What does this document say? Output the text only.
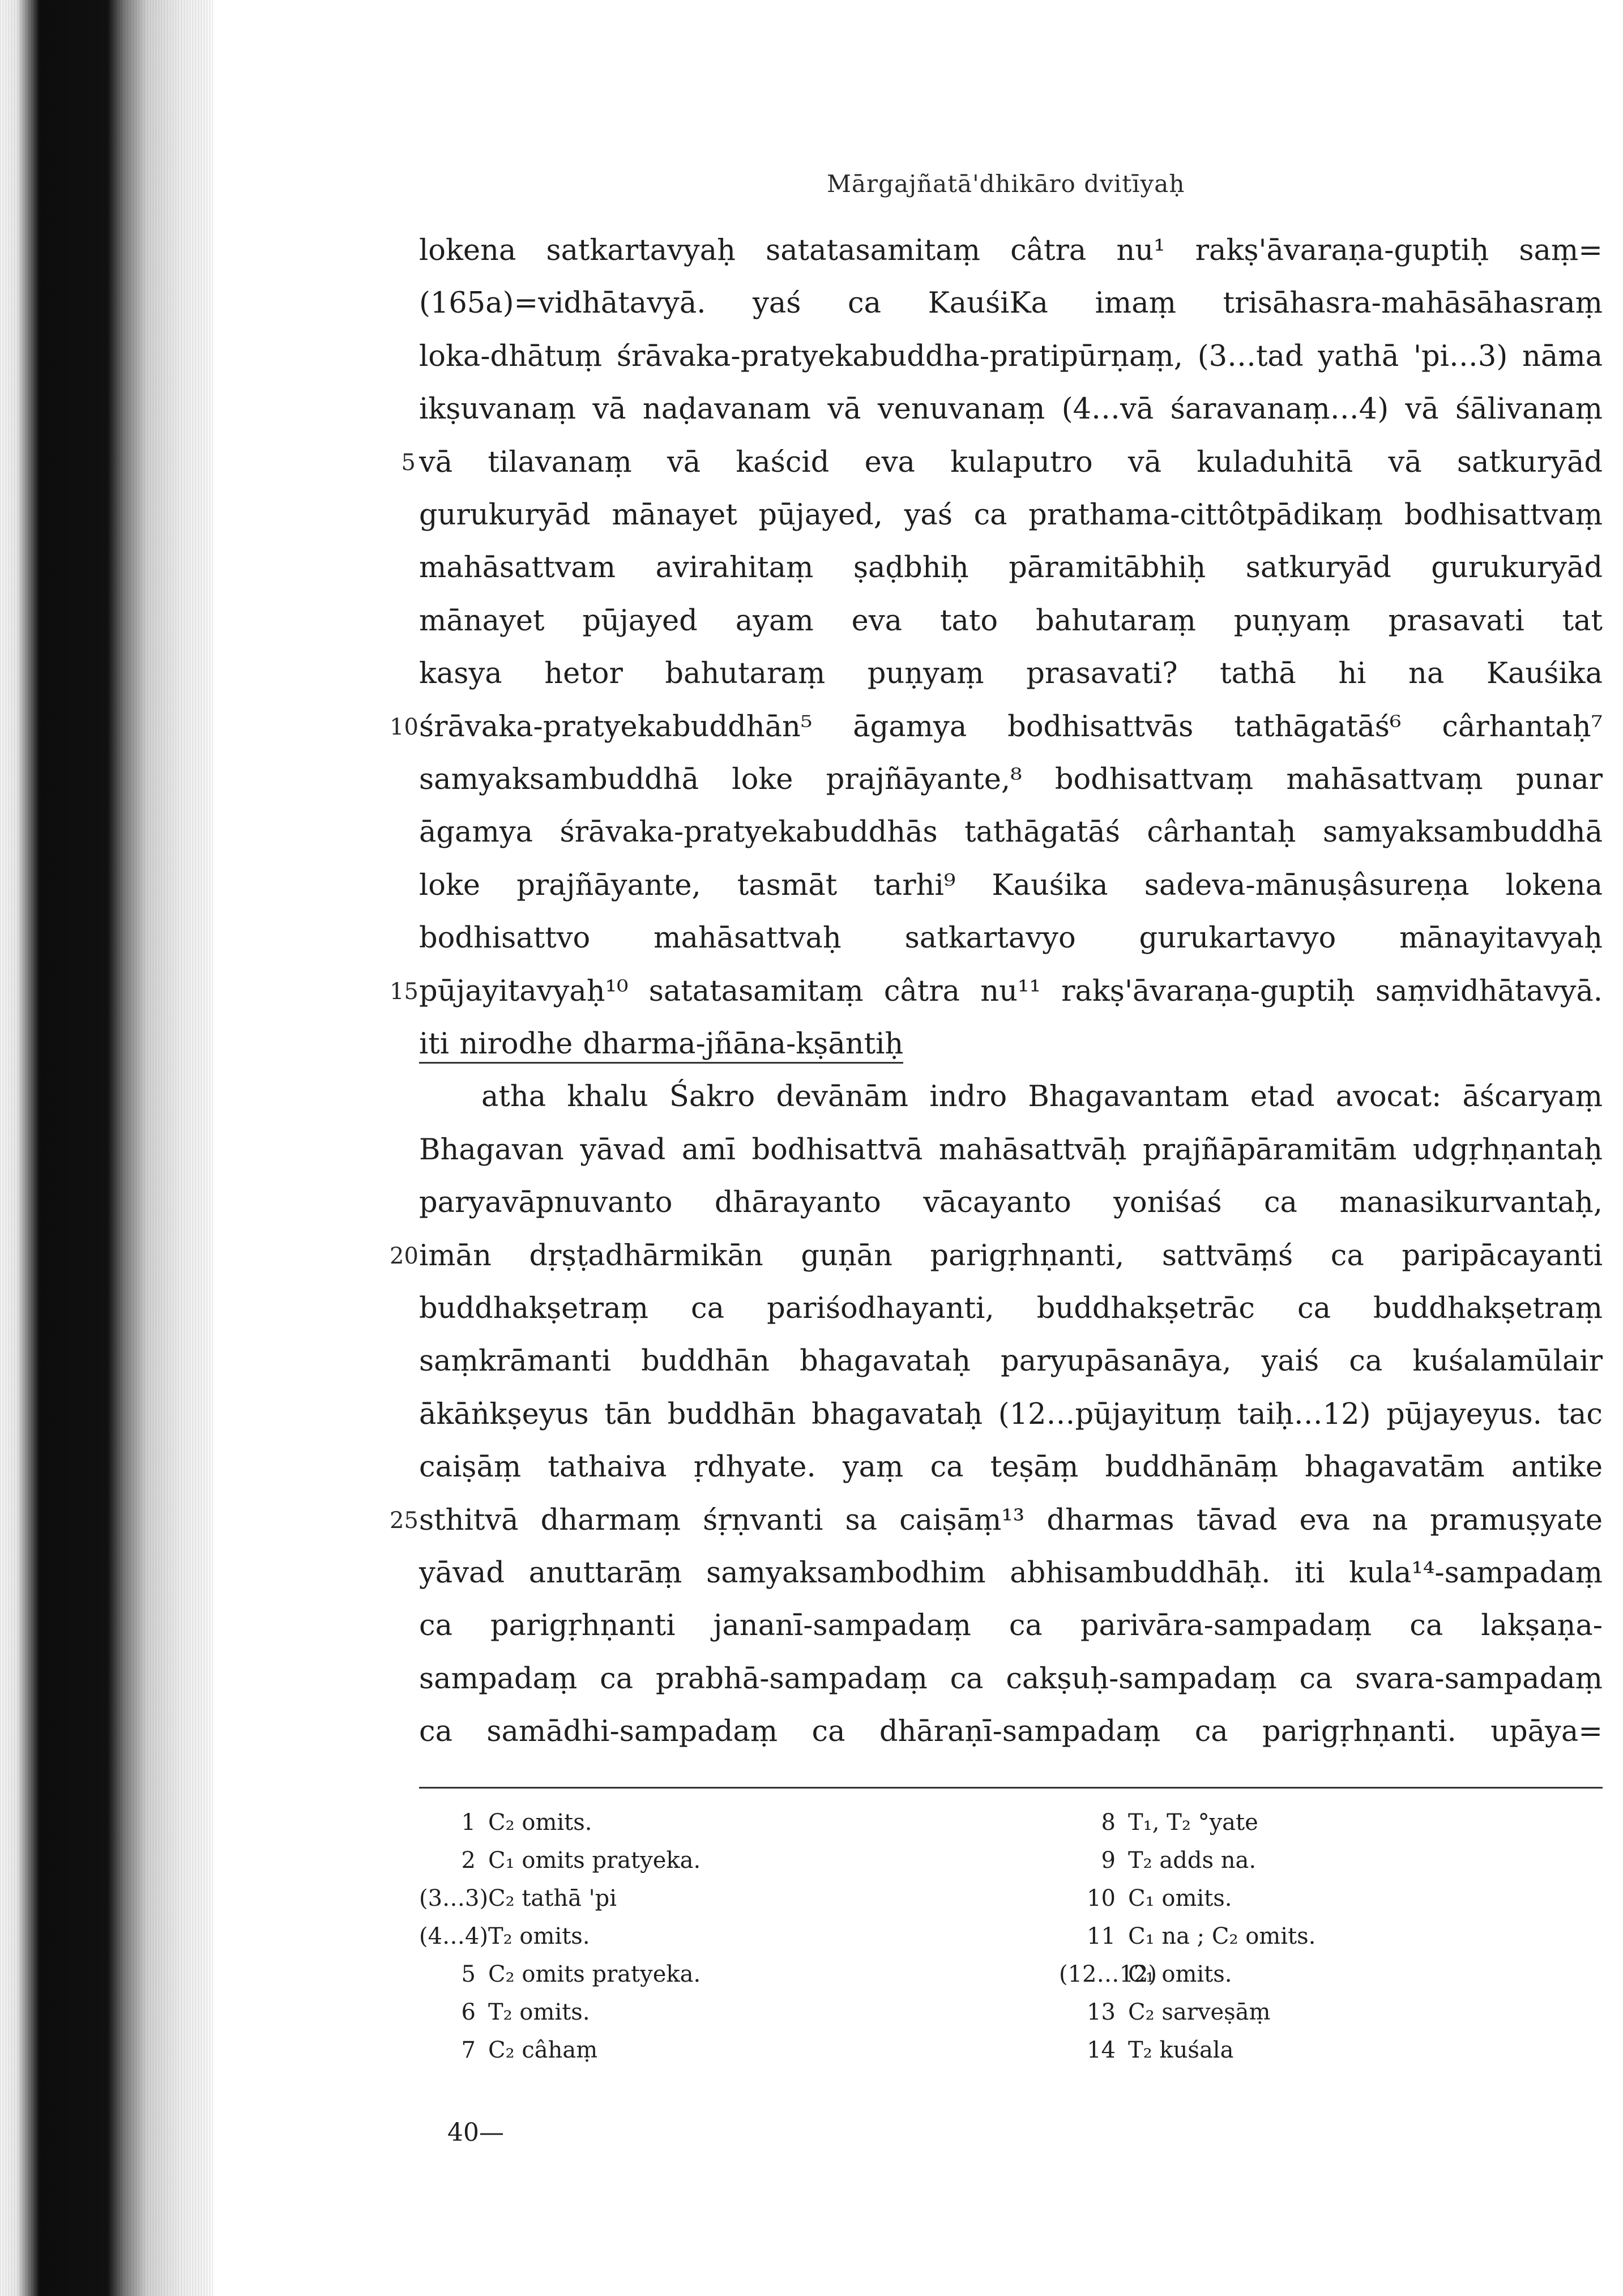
Mārgajñatā'dhikāro dvitīyaḥ
5
10
15
20
25
lokena satkartavyaḥ satatasamitaṃ câtra nu¹ rakṣ'āvaraṇa-guptiḥ saṃ=
(165a)=vidhātavyā. yaś ca KauśiKa imaṃ trisāhasra-mahāsāhasraṃ
loka-dhātuṃ śrāvaka-pratyekabuddha-pratipūrṇaṃ, (3…tad yathā 'pi…3) nāma
ikṣuvanaṃ vā naḍavanam vā venuvanaṃ (4…vā śaravanaṃ…4) vā śālivanaṃ
vā tilavanaṃ vā kaścid eva kulaputro vā kuladuhitā vā satkuryād
gurukuryād mānayet pūjayed, yaś ca prathama-cittôtpādikaṃ bodhisattvaṃ
mahāsattvam avirahitaṃ ṣaḍbhiḥ pāramitābhiḥ satkuryād gurukuryād
mānayet pūjayed ayam eva tato bahutaraṃ puṇyaṃ prasavati tat
kasya hetor bahutaraṃ puṇyaṃ prasavati? tathā hi na Kauśika
śrāvaka-pratyekabuddhān⁵ āgamya bodhisattvās tathāgatāś⁶ cârhantaḥ⁷
samyaksambuddhā loke prajñāyante,⁸ bodhisattvaṃ mahāsattvaṃ punar
āgamya śrāvaka-pratyekabuddhās tathāgatāś cârhantaḥ samyaksambuddhā
loke prajñāyante, tasmāt tarhi⁹ Kauśika sadeva-mānuṣâsureṇa lokena
bodhisattvo mahāsattvaḥ satkartavyo gurukartavyo mānayitavyaḥ
pūjayitavyaḥ¹⁰ satatasamitaṃ câtra nu¹¹ rakṣ'āvaraṇa-guptiḥ saṃvidhātavyā.
iti nirodhe dharma-jñāna-kṣāntiḥ
atha khalu Śakro devānām indro Bhagavantam etad avocat: āścaryaṃ
Bhagavan yāvad amī bodhisattvā mahāsattvāḥ prajñāpāramitām udgṛhṇantaḥ
paryavāpnuvanto dhārayanto vācayanto yoniśaś ca manasikurvantaḥ,
imān dṛṣṭadhārmikān guṇān parigṛhṇanti, sattvāṃś ca paripācayanti
buddhakṣetraṃ ca pariśodhayanti, buddhakṣetrāc ca buddhakṣetraṃ
saṃkrāmanti buddhān bhagavataḥ paryupāsanāya, yaiś ca kuśalamūlair
ākāṅkṣeyus tān buddhān bhagavataḥ (12…pūjayituṃ taiḥ…12) pūjayeyus. tac
caiṣāṃ tathaiva ṛdhyate. yaṃ ca teṣāṃ buddhānāṃ bhagavatām antike
sthitvā dharmaṃ śṛṇvanti sa caiṣāṃ¹³ dharmas tāvad eva na pramuṣyate
yāvad anuttarāṃ samyaksambodhim abhisambuddhāḥ. iti kula¹⁴-sampadaṃ
ca parigṛhṇanti jananī-sampadaṃ ca parivāra-sampadaṃ ca lakṣaṇa-
sampadaṃ ca prabhā-sampadaṃ ca cakṣuḥ-sampadaṃ ca svara-sampadaṃ
ca samādhi-sampadaṃ ca dhāraṇī-sampadaṃ ca parigṛhṇanti. upāya=
1 C₂ omits.
2 C₁ omits pratyeka.
(3…3) C₂ tathā 'pi
(4…4) T₂ omits.
5 C₂ omits pratyeka.
6 T₂ omits.
7 C₂ câhaṃ
8 T₁, T₂ °yate
9 T₂ adds na.
10 C₁ omits.
11 C₁ na ; C₂ omits.
(12…12)
C₁ omits.
13 C₂ sarveṣāṃ
14 T₂ kuśala
40—
